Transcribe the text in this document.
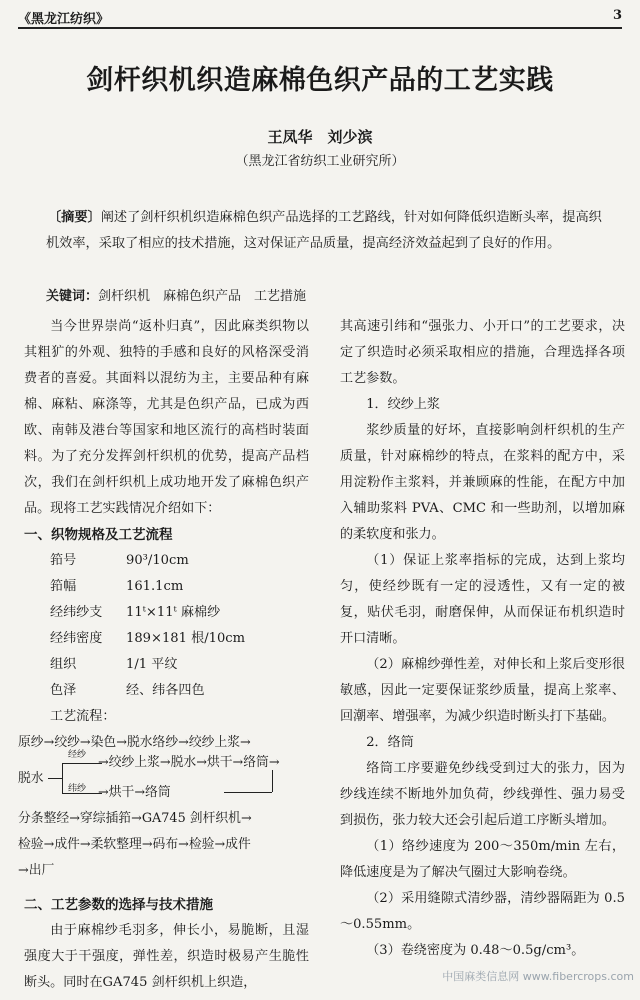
《黑龙江纺织》	3
剑杆织机织造麻棉色织产品的工艺实践
王凤华　刘少滨
（黑龙江省纺织工业研究所）
〔摘要〕阐述了剑杆织机织造麻棉色织产品选择的工艺路线，针对如何降低织造断头率，提高织机效率，采取了相应的技术措施，这对保证产品质量，提高经济效益起到了良好的作用。
关键词：剑杆织机　麻棉色织产品　工艺措施

当今世界崇尚“返朴归真”，因此麻类织物以其粗犷的外观、独特的手感和良好的风格深受消费者的喜爱。其面料以混纺为主，主要品种有麻棉、麻粘、麻涤等，尤其是色织产品，已成为西欧、南韩及港台等国家和地区流行的高档时装面料。为了充分发挥剑杆织机的优势，提高产品档次，我们在剑杆织机上成功地开发了麻棉色织产品。现将工艺实践情况介绍如下：

一、织物规格及工艺流程

筘号	90³/10cm
筘幅	161.1cm
经纬纱支	11ᵗ×11ᵗ 麻棉纱
经纬密度	189×181 根/10cm
组织	1/1 平纹
色泽	经、纬各四色

工艺流程：

原纱→绞纱→染色→脱水络纱→绞纱上浆→
脱水
经纱
纬纱
→绞纱上浆→脱水→烘干→络筒→
→烘干→络筒
分条整经→穿综插筘→GA745 剑杆织机→
检验→成件→柔软整理→码布→检验→成件
→出厂

二、工艺参数的选择与技术措施

由于麻棉纱毛羽多，伸长小，易脆断，且湿强度大于干强度，弹性差，织造时极易产生脆性断头。同时在GA745 剑杆织机上织造，

其高速引纬和“强张力、小开口”的工艺要求，决定了织造时必须采取相应的措施，合理选择各项工艺参数。

1．绞纱上浆

浆纱质量的好坏，直接影响剑杆织机的生产质量，针对麻棉纱的特点，在浆料的配方中，采用淀粉作主浆料，并兼顾麻的性能，在配方中加入辅助浆料 PVA、CMC 和一些助剂，以增加麻的柔软度和张力。

（1）保证上浆率指标的完成，达到上浆均匀，使经纱既有一定的浸透性，又有一定的被复，贴伏毛羽，耐磨保伸，从而保证布机织造时开口清晰。

（2）麻棉纱弹性差，对伸长和上浆后变形很敏感，因此一定要保证浆纱质量，提高上浆率、回潮率、增强率，为减少织造时断头打下基础。

2．络筒

络筒工序要避免纱线受到过大的张力，因为纱线连续不断地外加负荷，纱线弹性、强力易受到损伤，张力较大还会引起后道工序断头增加。

（1）络纱速度为 200～350m/min 左右，降低速度是为了解决气圈过大影响卷绕。

（2）采用缝隙式清纱器，清纱器隔距为 0.5～0.55mm。

（3）卷绕密度为 0.48～0.5g/cm³。

中国麻类信息网 www.fibercrops.com
